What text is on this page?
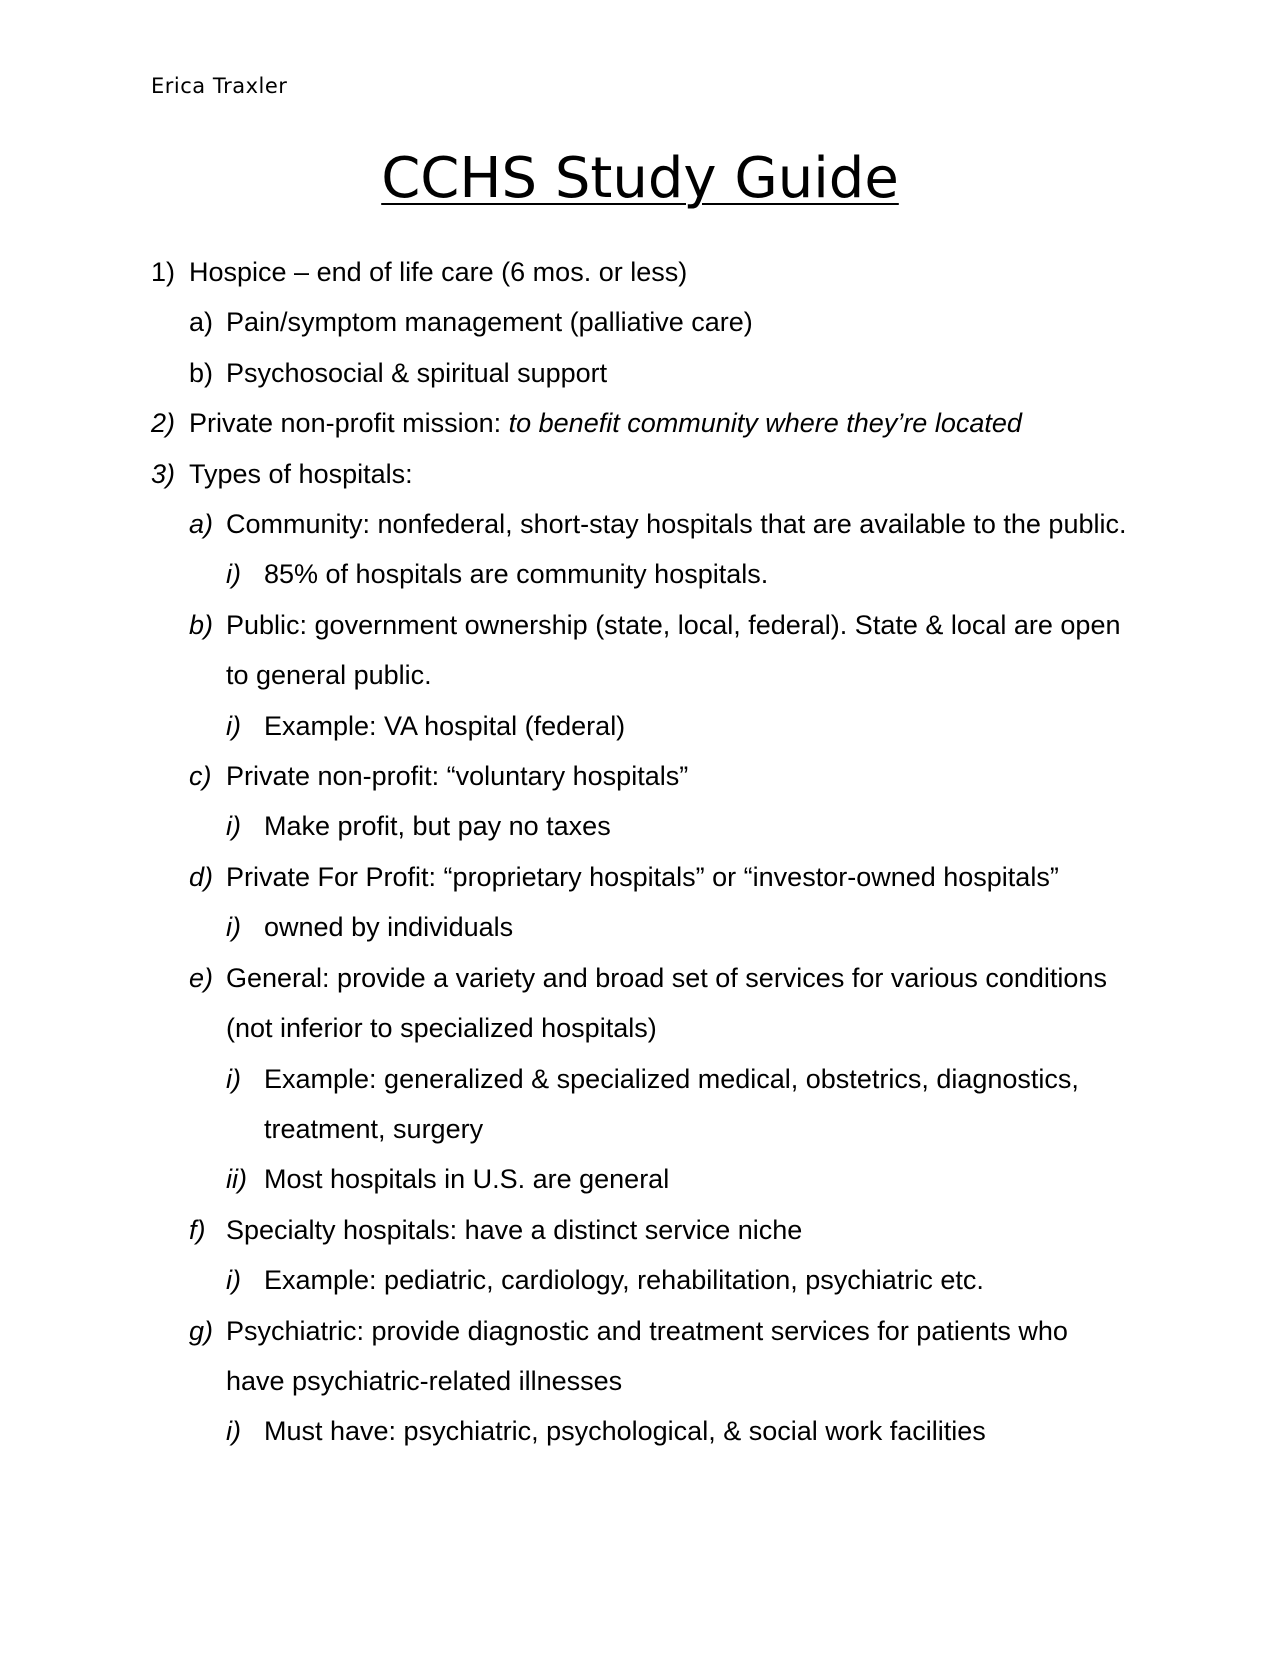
Erica Traxler
CCHS Study Guide
1) Hospice – end of life care (6 mos. or less)
a) Pain/symptom management (palliative care)
b) Psychosocial & spiritual support
2) Private non-profit mission: to benefit community where they’re located
3) Types of hospitals:
a) Community: nonfederal, short-stay hospitals that are available to the public.
i) 85% of hospitals are community hospitals.
b) Public: government ownership (state, local, federal). State & local are open to general public.
i) Example: VA hospital (federal)
c) Private non-profit: “voluntary hospitals”
i) Make profit, but pay no taxes
d) Private For Profit: “proprietary hospitals” or “investor-owned hospitals”
i) owned by individuals
e) General: provide a variety and broad set of services for various conditions (not inferior to specialized hospitals)
i) Example: generalized & specialized medical, obstetrics, diagnostics, treatment, surgery
ii) Most hospitals in U.S. are general
f) Specialty hospitals: have a distinct service niche
i) Example: pediatric, cardiology, rehabilitation, psychiatric etc.
g) Psychiatric: provide diagnostic and treatment services for patients who have psychiatric-related illnesses
i) Must have: psychiatric, psychological, & social work facilities
